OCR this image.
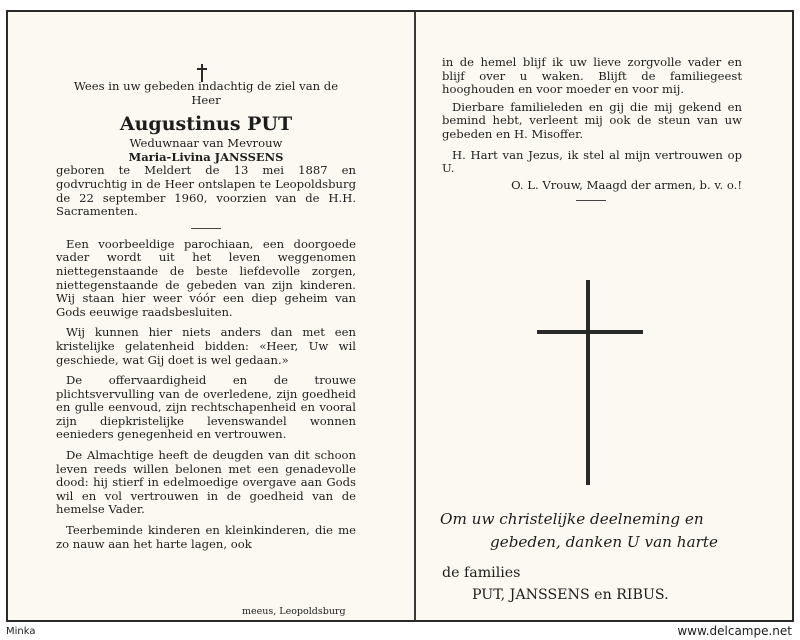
Wees in uw gebeden indachtig de ziel van de Heer

Augustinus PUT

Weduwnaar van Mevrouw

Maria-Livina JANSSENS

geboren te Meldert de 13 mei 1887 en godvruchtig in de Heer ontslapen te Leopoldsburg de 22 september 1960, voorzien van de H.H. Sacramenten.

Een voorbeeldige parochiaan, een doorgoede vader wordt uit het leven weggenomen niettegenstaande de beste liefdevolle zorgen, niettegenstaande de gebeden van zijn kinderen. Wij staan hier weer vóór een diep geheim van Gods eeuwige raadsbesluiten.

Wij kunnen hier niets anders dan met een kristelijke gelatenheid bidden: «Heer, Uw wil geschiede, wat Gij doet is wel gedaan.»

De offervaardigheid en de trouwe plichtsvervulling van de overledene, zijn goedheid en gulle eenvoud, zijn rechtschapenheid en vooral zijn diepkristelijke levenswandel wonnen eenieders genegenheid en vertrouwen.

De Almachtige heeft de deugden van dit schoon leven reeds willen belonen met een genadevolle dood: hij stierf in edelmoedige overgave aan Gods wil en vol vertrouwen in de goedheid van de hemelse Vader.

Teerbeminde kinderen en kleinkinderen, die me zo nauw aan het harte lagen, ook

meeus, Leopoldsburg

in de hemel blijf ik uw lieve zorgvolle vader en blijf over u waken. Blijft de familiegeest hooghouden en voor moeder en voor mij.

Dierbare familieleden en gij die mij gekend en bemind hebt, verleent mij ook de steun van uw gebeden en H. Misoffer.

H. Hart van Jezus, ik stel al mijn vertrouwen op U.

O. L. Vrouw, Maagd der armen, b. v. o.!

Om uw christelijke deelneming en
gebeden, danken U van harte
de families
PUT, JANSSENS en RIBUS.
Minka	www.delcampe.net
